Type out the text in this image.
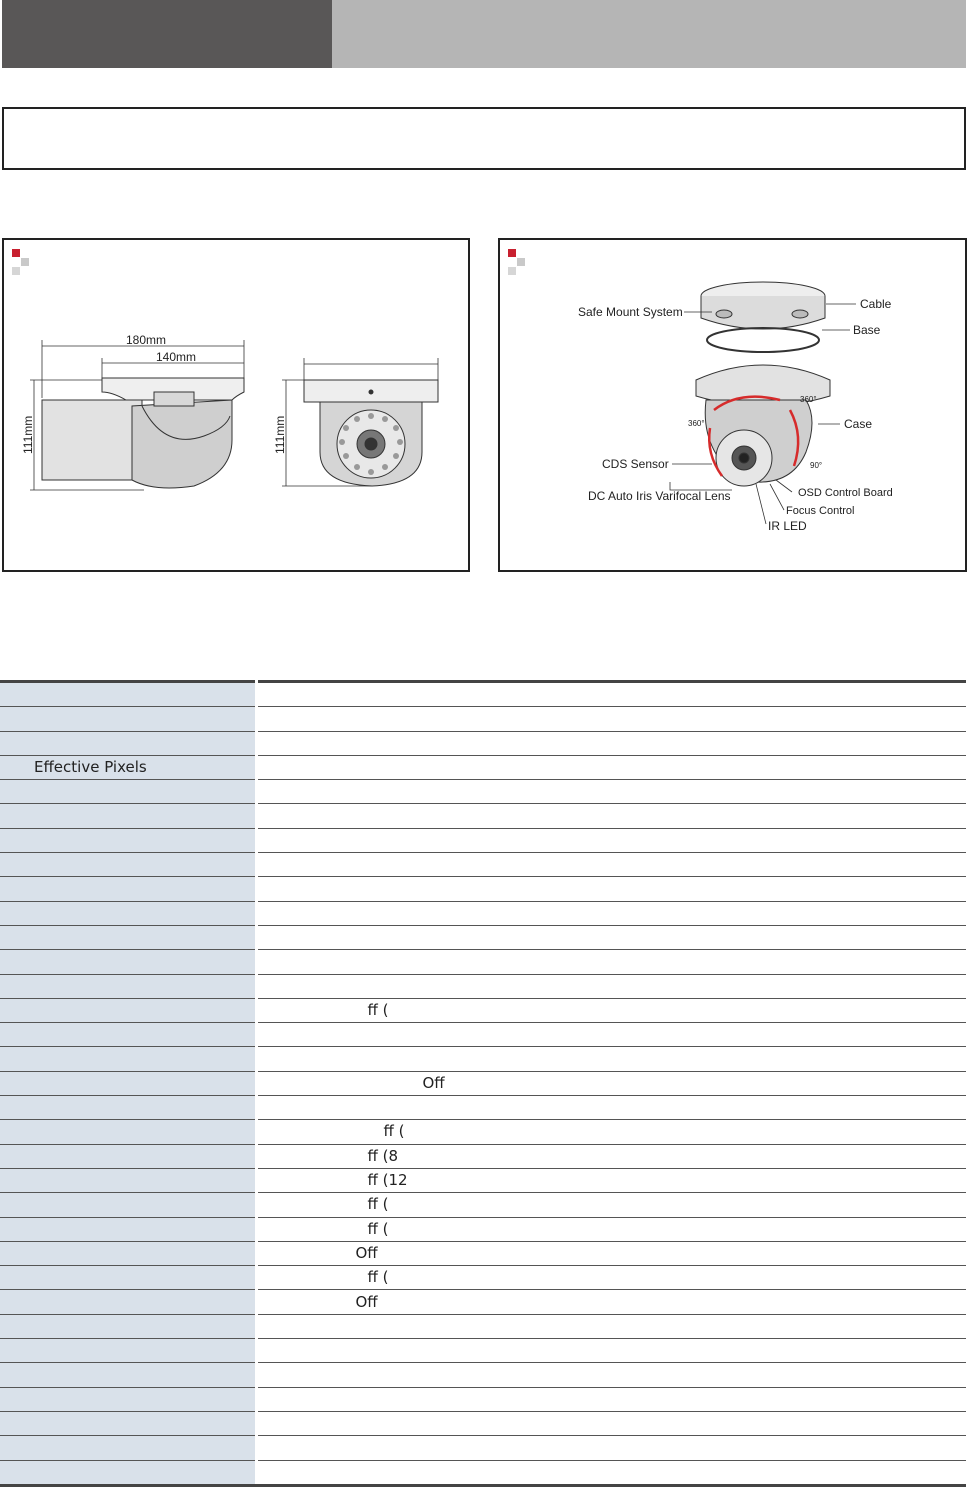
180mm
140mm
111mm	111mm
Safe Mount System
Cable
Base
Case
360°
360°
90°
CDS Sensor
DC Auto Iris Varifocal Lens	OSD Control Board
Focus Control
IR LED

Effective Pixels	

	ff (

	Off

	ff (
	ff (8
	ff (12
	ff (
	ff (
	Off
	ff (
	Off
